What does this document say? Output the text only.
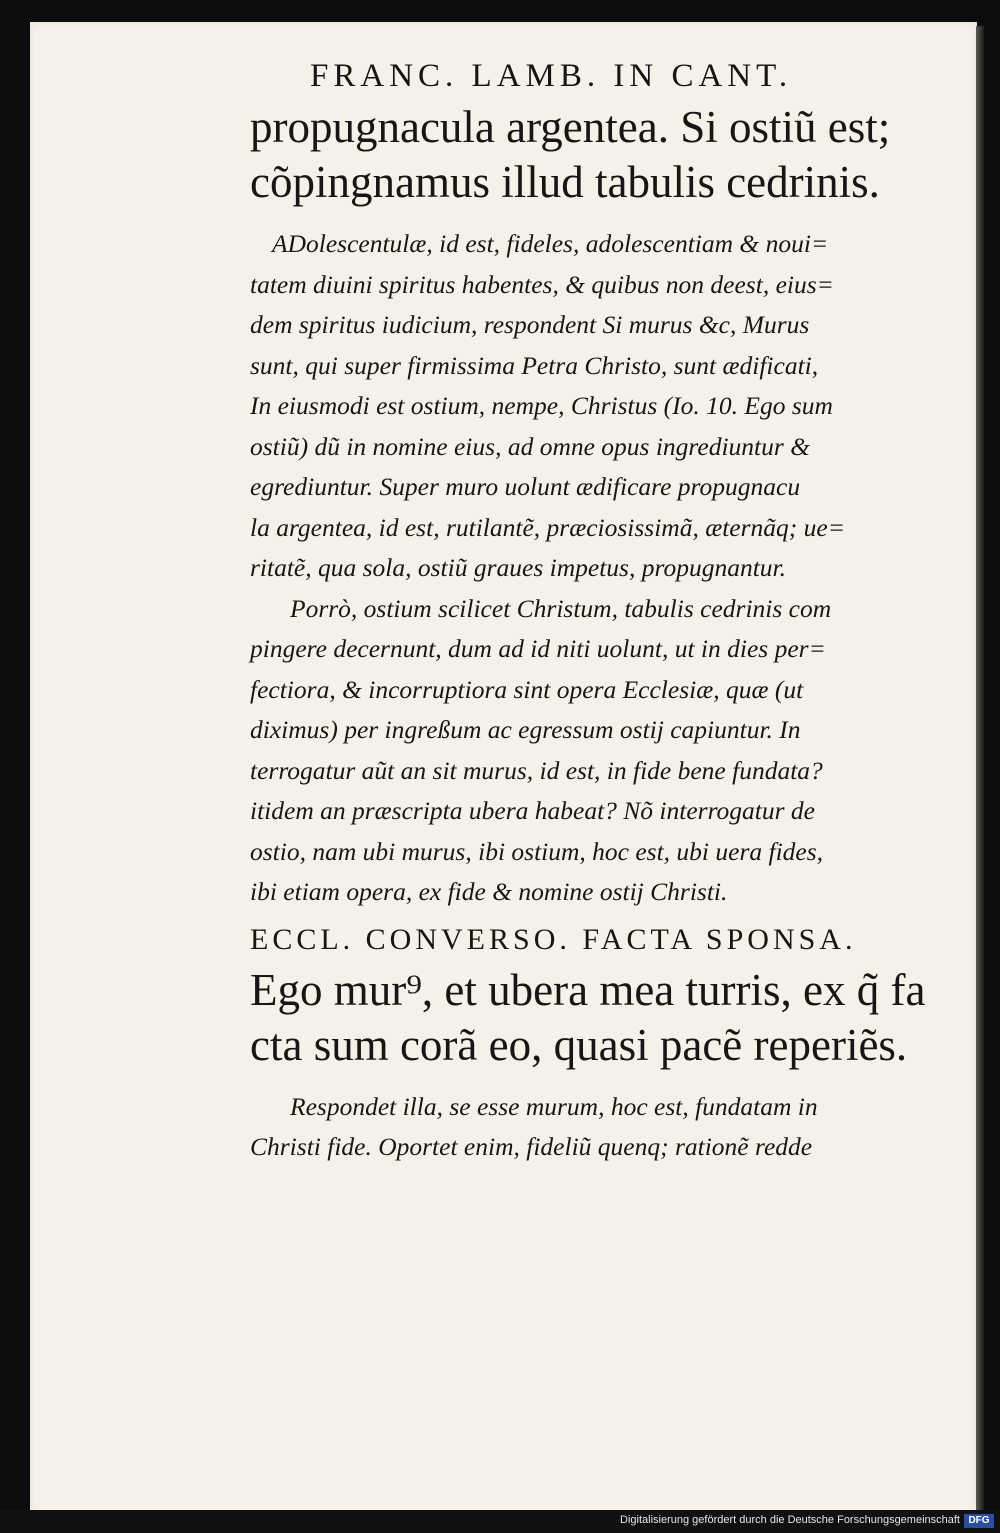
FRANC. LAMB. IN CANT.
propugnacula argentea. Si ostiũ est;
cõpingnamus illud tabulis cedrinis.
ADolescentulæ, id est, fideles, adolescentiam & noui=
tatem diuini spiritus habentes, & quibus non deest, eius=
dem spiritus iudicium, respondent Si murus &c, Murus
sunt, qui super firmissima Petra Christo, sunt ædificati,
In eiusmodi est ostium, nempe, Christus (Io. 10. Ego sum
ostiũ) dũ in nomine eius, ad omne opus ingrediuntur &
egrediuntur. Super muro uolunt ædificare propugnacu
la argentea, id est, rutilantẽ, præciosissimã, æternãq; ue=
ritatẽ, qua sola, ostiũ graues impetus, propugnantur.
Porrò, ostium scilicet Christum, tabulis cedrinis com
pingere decernunt, dum ad id niti uolunt, ut in dies per=
fectiora, & incorruptiora sint opera Ecclesiæ, quæ (ut
diximus) per ingreßum ac egressum ostij capiuntur. In
terrogatur aũt an sit murus, id est, in fide bene fundata?
itidem an præscripta ubera habeat? Nõ interrogatur de
ostio, nam ubi murus, ibi ostium, hoc est, ubi uera fides,
ibi etiam opera, ex fide & nomine ostij Christi.
ECCL. CONVERSO. FACTA SPONSA.
Ego mur⁹, et ubera mea turris, ex q̃ fa
cta sum corã eo, quasi pacẽ reperiẽs.
Respondet illa, se esse murum, hoc est, fundatam in
Christi fide. Oportet enim, fideliũ quenq; rationẽ redde
Digitalisierung gefördert durch die Deutsche Forschungsgemeinschaft DFG
